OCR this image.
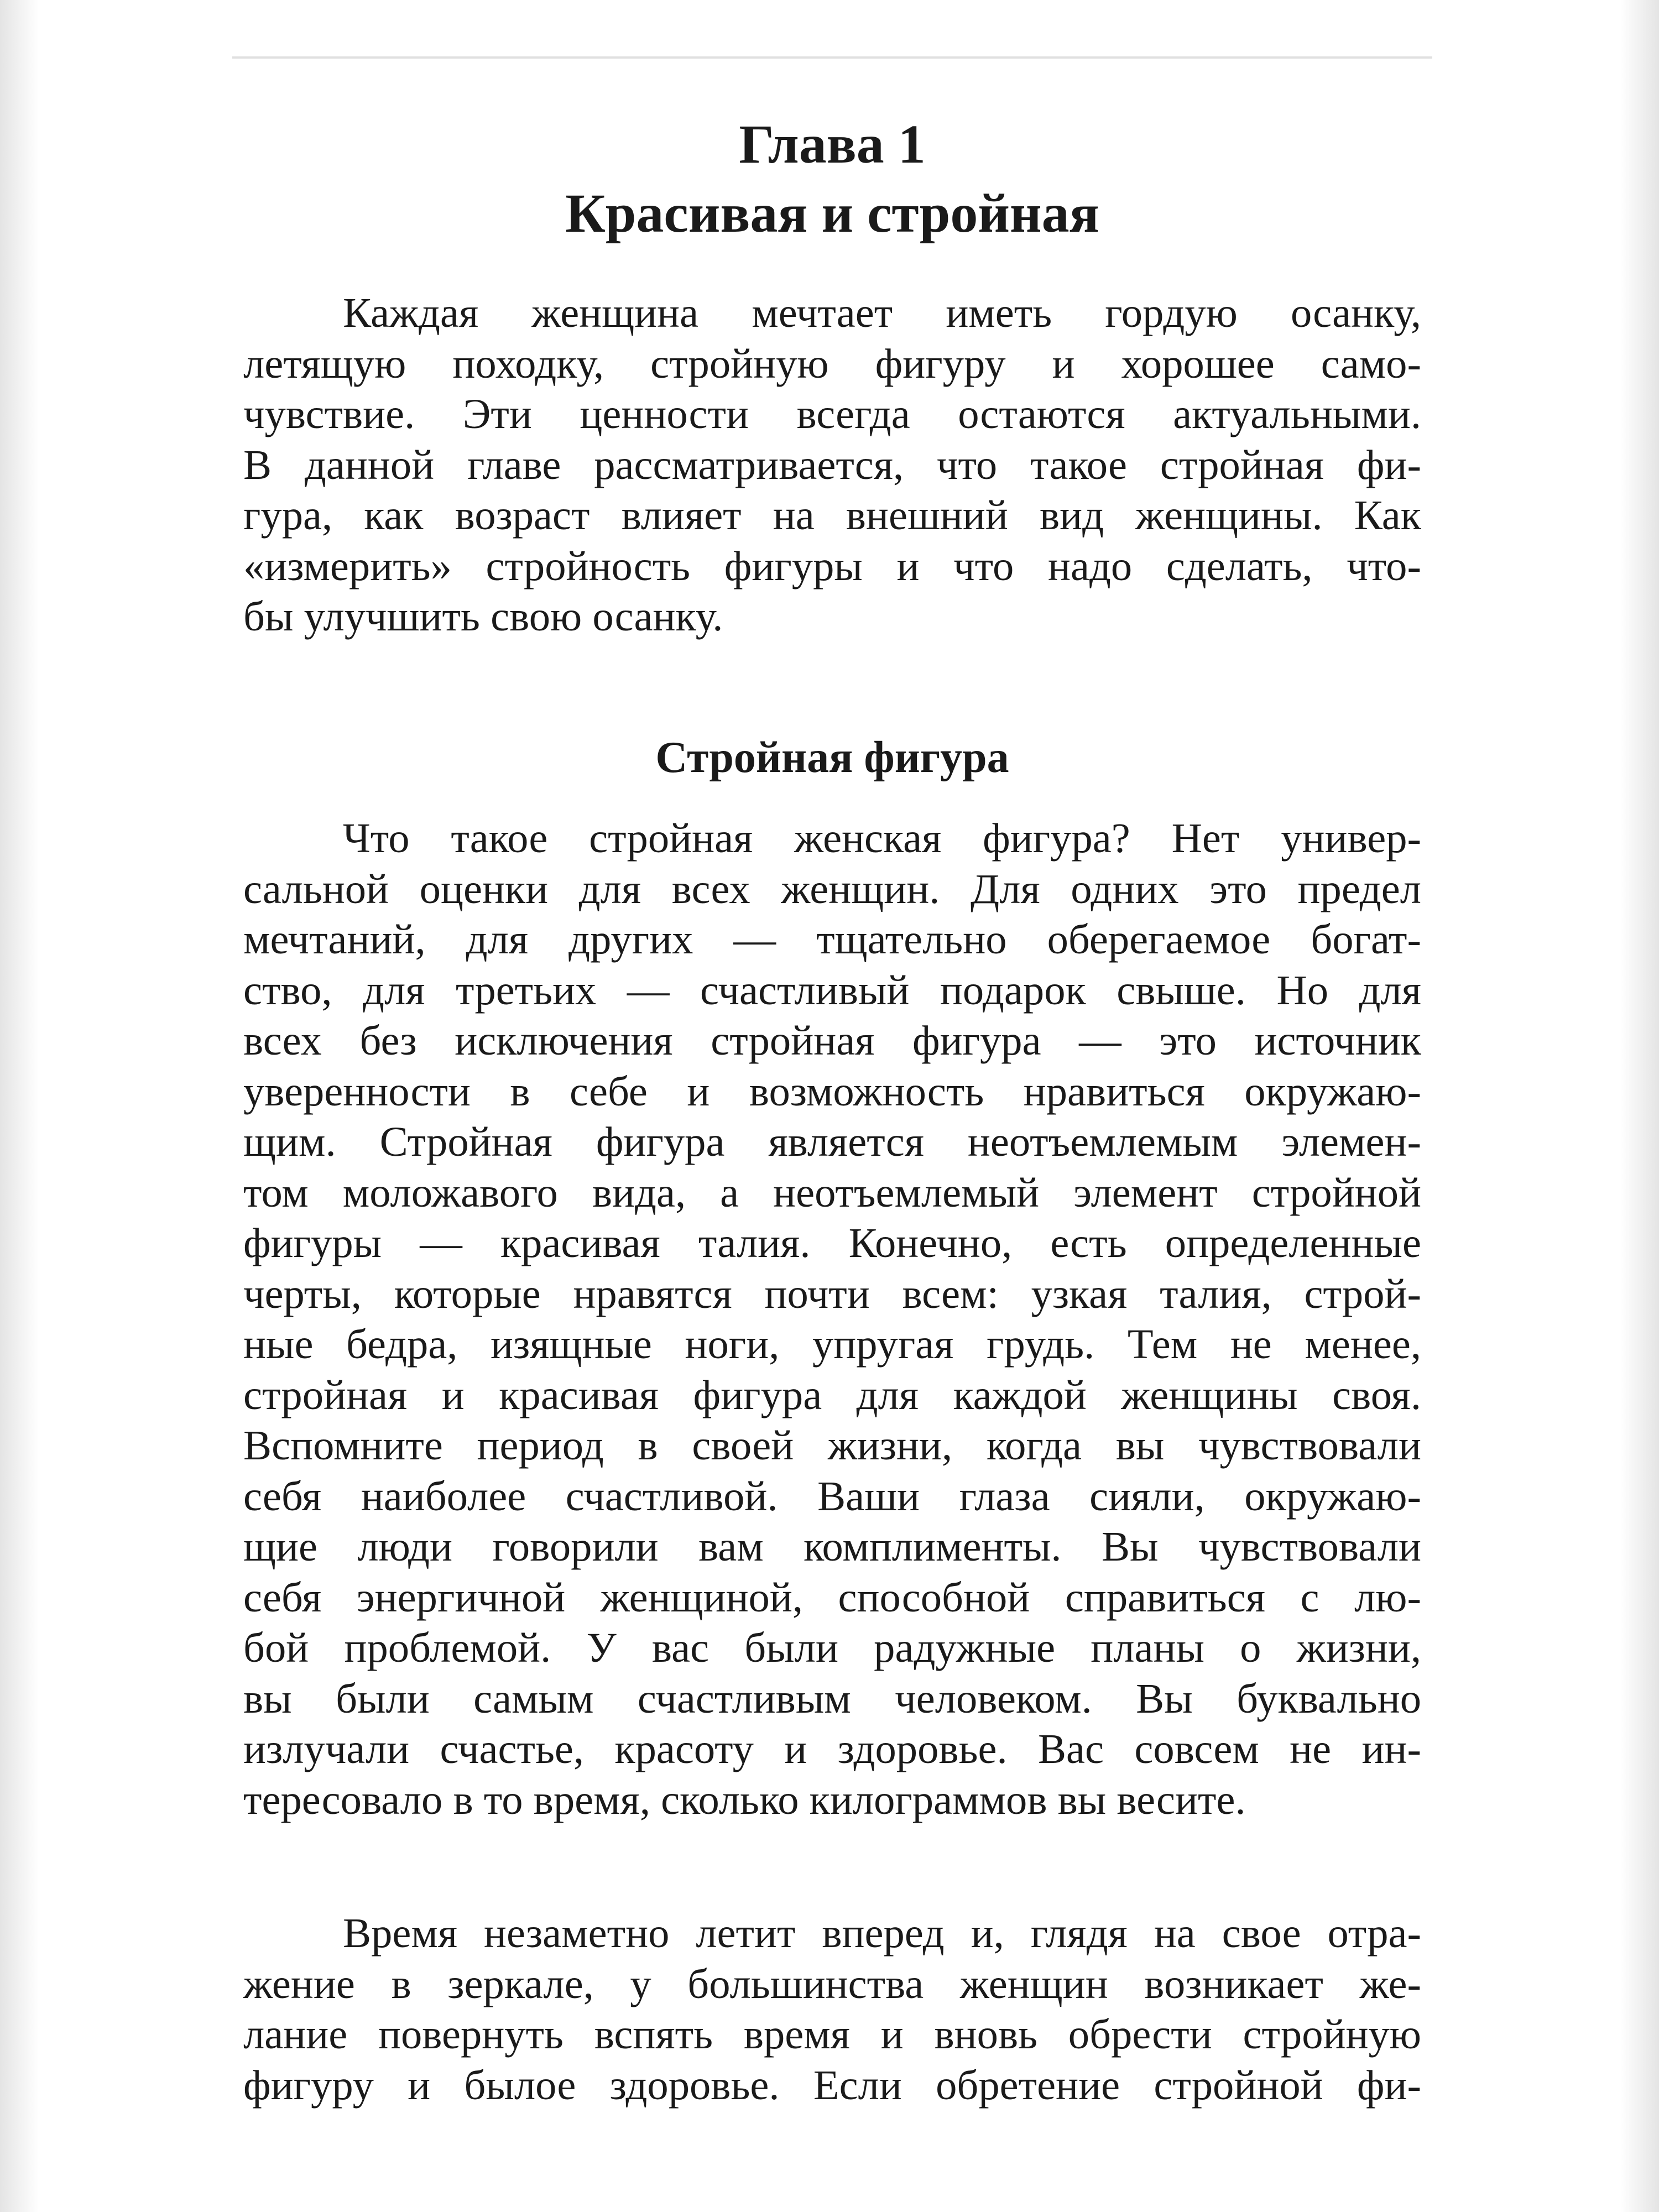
Глава 1
Красивая и стройная
Каждая женщина мечтает иметь гордую осанку,
летящую походку, стройную фигуру и хорошее само-
чувствие. Эти ценности всегда остаются актуальными.
В данной главе рассматривается, что такое стройная фи-
гура, как возраст влияет на внешний вид женщины. Как
«измерить» стройность фигуры и что надо сделать, что-
бы улучшить свою осанку.
Стройная фигура
Что такое стройная женская фигура? Нет универ-
сальной оценки для всех женщин. Для одних это предел
мечтаний, для других — тщательно оберегаемое богат-
ство, для третьих — счастливый подарок свыше. Но для
всех без исключения стройная фигура — это источник
уверенности в себе и возможность нравиться окружаю-
щим. Стройная фигура является неотъемлемым элемен-
том моложавого вида, а неотъемлемый элемент стройной
фигуры — красивая талия. Конечно, есть определенные
черты, которые нравятся почти всем: узкая талия, строй-
ные бедра, изящные ноги, упругая грудь. Тем не менее,
стройная и красивая фигура для каждой женщины своя.
Вспомните период в своей жизни, когда вы чувствовали
себя наиболее счастливой. Ваши глаза сияли, окружаю-
щие люди говорили вам комплименты. Вы чувствовали
себя энергичной женщиной, способной справиться с лю-
бой проблемой. У вас были радужные планы о жизни,
вы были самым счастливым человеком. Вы буквально
излучали счастье, красоту и здоровье. Вас совсем не ин-
тересовало в то время, сколько килограммов вы весите.
Время незаметно летит вперед и, глядя на свое отра-
жение в зеркале, у большинства женщин возникает же-
лание повернуть вспять время и вновь обрести стройную
фигуру и былое здоровье. Если обретение стройной фи-
